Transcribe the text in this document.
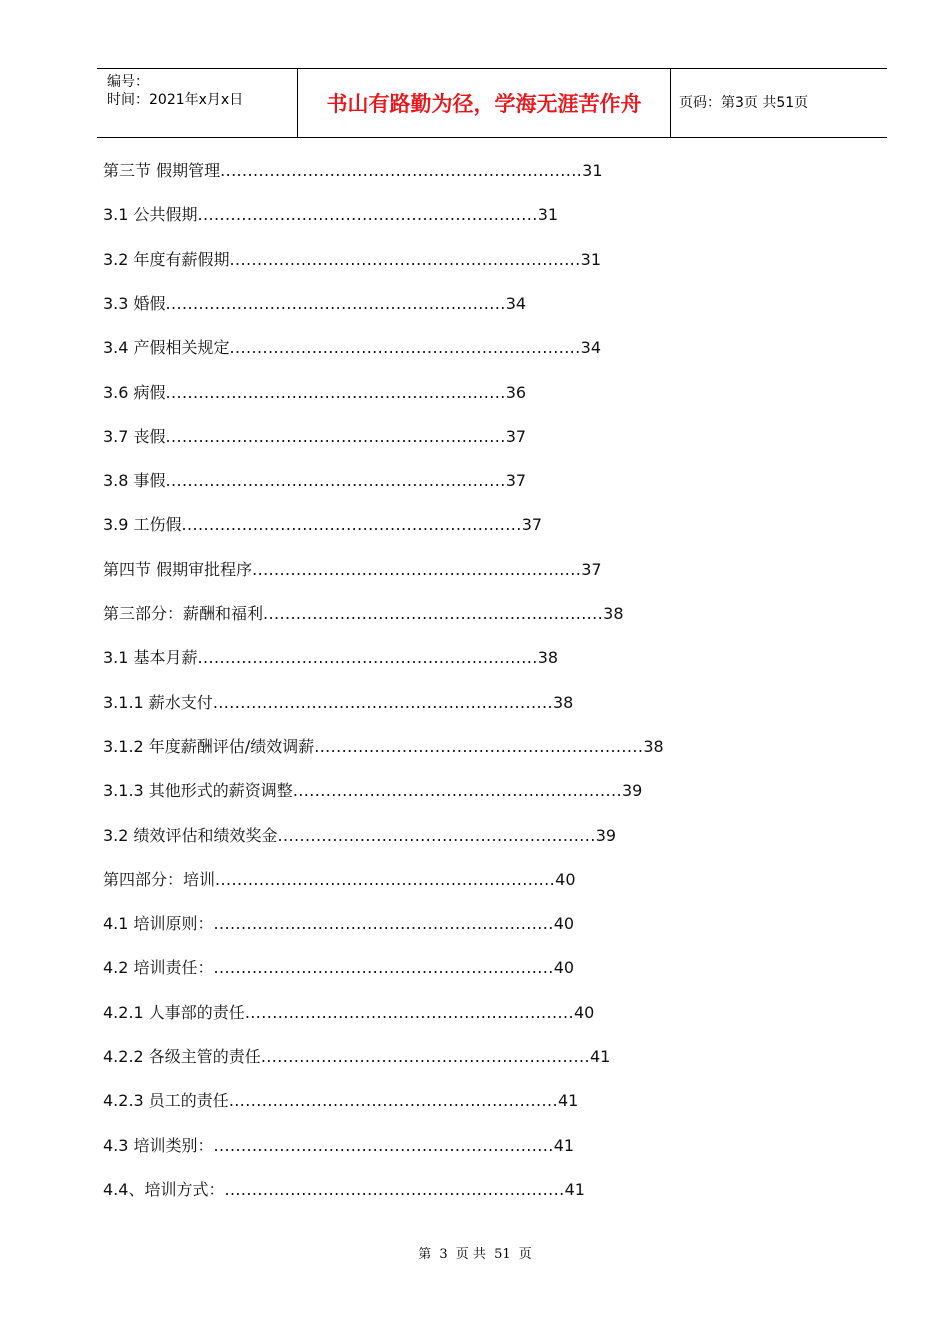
编号：
时间：2021年x月x日	书山有路勤为径，学海无涯苦作舟	页码：第3页 共51页
第三节 假期管理..................................................................31
3.1 公共假期..............................................................31
3.2 年度有薪假期................................................................31
3.3 婚假..............................................................34
3.4 产假相关规定................................................................34
3.6 病假..............................................................36
3.7 丧假..............................................................37
3.8 事假..............................................................37
3.9 工伤假..............................................................37
第四节 假期审批程序............................................................37
第三部分：薪酬和福利..............................................................38
3.1 基本月薪..............................................................38
3.1.1 薪水支付..............................................................38
3.1.2 年度薪酬评估/绩效调薪............................................................38
3.1.3 其他形式的薪资调整............................................................39
3.2 绩效评估和绩效奖金..........................................................39
第四部分：培训..............................................................40
4.1 培训原则：..............................................................40
4.2 培训责任：..............................................................40
4.2.1 人事部的责任............................................................40
4.2.2 各级主管的责任............................................................41
4.2.3 员工的责任............................................................41
4.3 培训类别：..............................................................41
4.4、培训方式：..............................................................41
第 3 页 共 51 页
